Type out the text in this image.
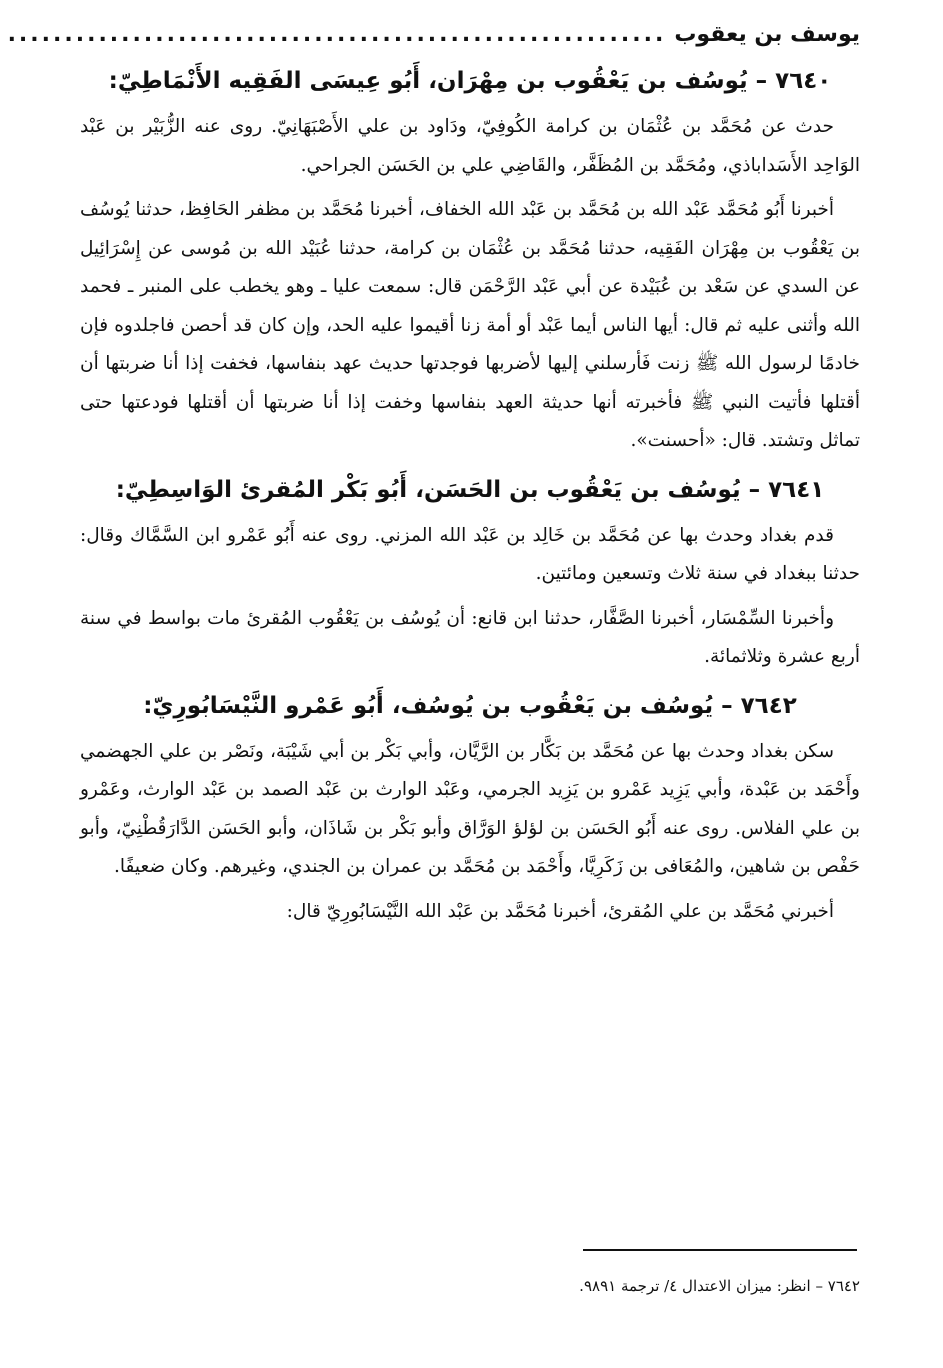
يوسف بن يعقوب
..........................................................
٧٦٤٠ – يُوسُف بن يَعْقُوب بن مِهْرَان، أَبُو عِيسَى الفَقِيه الأَنْمَاطِيّ:

حدث عن مُحَمَّد بن عُثْمَان بن كرامة الكُوفِيّ، ودَاود بن علي الأَصْبَهَانِيّ. روى عنه الزُّبَيْر بن عَبْد الوَاحِد الأَسَداباذي، ومُحَمَّد بن المُظَفَّر، والقَاضِي علي بن الحَسَن الجراحي.

أخبرنا أَبُو مُحَمَّد عَبْد الله بن مُحَمَّد بن عَبْد الله الخفاف، أخبرنا مُحَمَّد بن مظفر الحَافِظ، حدثنا يُوسُف بن يَعْقُوب بن مِهْرَان الفَقِيه، حدثنا مُحَمَّد بن عُثْمَان بن كرامة، حدثنا عُبَيْد الله بن مُوسى عن إِسْرَائِيل عن السدي عن سَعْد بن عُبَيْدة عن أبي عَبْد الرَّحْمَن قال: سمعت عليا ـ وهو يخطب على المنبر ـ فحمد الله وأثنى عليه ثم قال: أيها الناس أيما عَبْد أو أمة زنا أقيموا عليه الحد، وإن كان قد أحصن فاجلدوه فإن خادمًا لرسول الله ﷺ زنت فَأرسلني إليها لأضربها فوجدتها حديث عهد بنفاسها، فخفت إذا أنا ضربتها أن أقتلها فأتيت النبي ﷺ فأخبرته أنها حديثة العهد بنفاسها وخفت إذا أنا ضربتها أن أقتلها فودعتها حتى تماثل وتشتد. قال: «أحسنت».

٧٦٤١ – يُوسُف بن يَعْقُوب بن الحَسَن، أَبُو بَكْر المُقرئ الوَاسِطِيّ:

قدم بغداد وحدث بها عن مُحَمَّد بن خَالِد بن عَبْد الله المزني. روى عنه أَبُو عَمْرو ابن السَّمَّاك وقال: حدثنا ببغداد في سنة ثلاث وتسعين ومائتين.

وأخبرنا السِّمْسَار، أخبرنا الصَّفَّار، حدثنا ابن قانع: أن يُوسُف بن يَعْقُوب المُقرئ مات بواسط في سنة أربع عشرة وثلاثمائة.

٧٦٤٢ – يُوسُف بن يَعْقُوب بن يُوسُف، أَبُو عَمْرو النَّيْسَابُورِيّ:

سكن بغداد وحدث بها عن مُحَمَّد بن بَكَّار بن الرَّيَّان، وأبي بَكْر بن أبي شَيْبَة، ونَصْر بن علي الجهضمي وأَحْمَد بن عَبْدة، وأبي يَزِيد عَمْرو بن يَزِيد الجرمي، وعَبْد الوارث بن عَبْد الصمد بن عَبْد الوارث، وعَمْرو بن علي الفلاس. روى عنه أَبُو الحَسَن بن لؤلؤ الوَرَّاق وأبو بَكْر بن شَاذَان، وأبو الحَسَن الدَّارَقُطْنِيّ، وأبو حَفْص بن شاهين، والمُعَافى بن زَكَرِيَّا، وأَحْمَد بن مُحَمَّد بن عمران بن الجندي، وغيرهم. وكان ضعيفًا.

أخبرني مُحَمَّد بن علي المُقرئ، أخبرنا مُحَمَّد بن عَبْد الله النَّيْسَابُورِيّ قال:

٧٦٤٢ – انظر: ميزان الاعتدال ٤/ ترجمة ٩٨٩١.
